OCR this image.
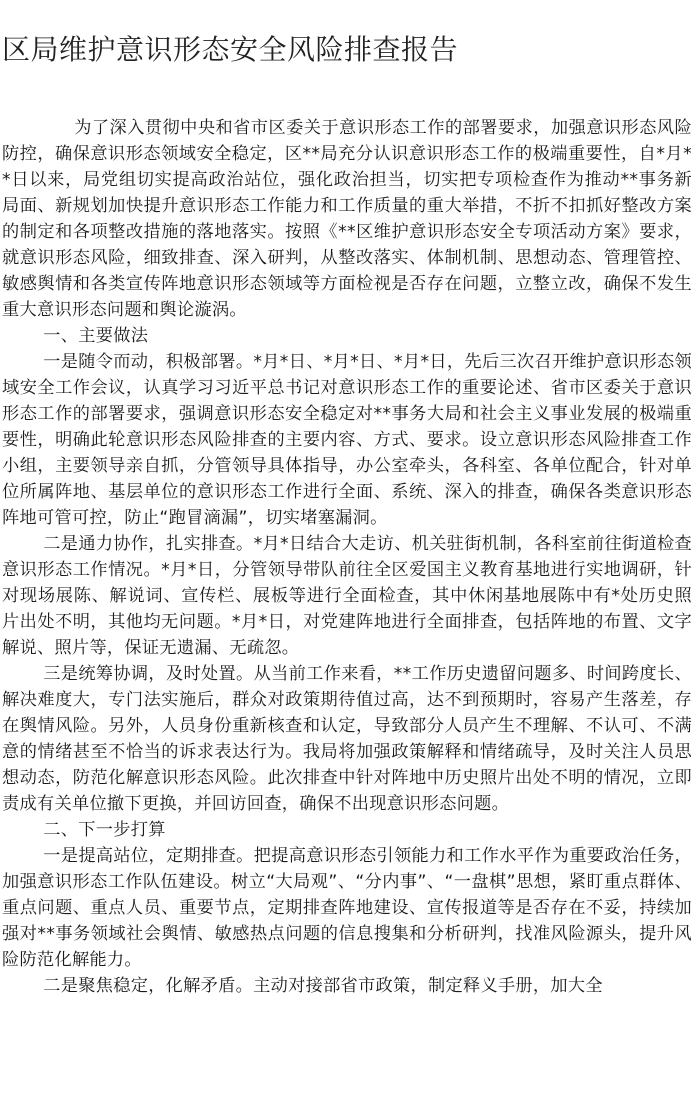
区局维护意识形态安全风险排查报告

为了深入贯彻中央和省市区委关于意识形态工作的部署要求，加强意识形态风险防控，确保意识形态领域安全稳定，区**局充分认识意识形态工作的极端重要性，自*月**日以来，局党组切实提高政治站位，强化政治担当，切实把专项检查作为推动**事务新局面、新规划加快提升意识形态工作能力和工作质量的重大举措，不折不扣抓好整改方案的制定和各项整改措施的落地落实。按照《**区维护意识形态安全专项活动方案》要求，就意识形态风险，细致排查、深入研判，从整改落实、体制机制、思想动态、管理管控、敏感舆情和各类宣传阵地意识形态领域等方面检视是否存在问题，立整立改，确保不发生重大意识形态问题和舆论漩涡。

一、主要做法

一是随令而动，积极部署。*月*日、*月*日、*月*日，先后三次召开维护意识形态领域安全工作会议，认真学习习近平总书记对意识形态工作的重要论述、省市区委关于意识形态工作的部署要求，强调意识形态安全稳定对**事务大局和社会主义事业发展的极端重要性，明确此轮意识形态风险排查的主要内容、方式、要求。设立意识形态风险排查工作小组，主要领导亲自抓，分管领导具体指导，办公室牵头，各科室、各单位配合，针对单位所属阵地、基层单位的意识形态工作进行全面、系统、深入的排查，确保各类意识形态阵地可管可控，防止“跑冒滴漏”，切实堵塞漏洞。

二是通力协作，扎实排查。*月*日结合大走访、机关驻街机制，各科室前往街道检查意识形态工作情况。*月*日，分管领导带队前往全区爱国主义教育基地进行实地调研，针对现场展陈、解说词、宣传栏、展板等进行全面检查，其中休闲基地展陈中有*处历史照片出处不明，其他均无问题。*月*日，对党建阵地进行全面排查，包括阵地的布置、文字解说、照片等，保证无遗漏、无疏忽。

三是统筹协调，及时处置。从当前工作来看，**工作历史遗留问题多、时间跨度长、解决难度大，专门法实施后，群众对政策期待值过高，达不到预期时，容易产生落差，存在舆情风险。另外，人员身份重新核查和认定，导致部分人员产生不理解、不认可、不满意的情绪甚至不恰当的诉求表达行为。我局将加强政策解释和情绪疏导，及时关注人员思想动态，防范化解意识形态风险。此次排查中针对阵地中历史照片出处不明的情况，立即责成有关单位撤下更换，并回访回查，确保不出现意识形态问题。

二、下一步打算

一是提高站位，定期排查。把提高意识形态引领能力和工作水平作为重要政治任务，加强意识形态工作队伍建设。树立“大局观”、“分内事”、“一盘棋”思想，紧盯重点群体、重点问题、重点人员、重要节点，定期排查阵地建设、宣传报道等是否存在不妥，持续加强对**事务领域社会舆情、敏感热点问题的信息搜集和分析研判，找准风险源头，提升风险防范化解能力。

二是聚焦稳定，化解矛盾。主动对接部省市政策，制定释义手册，加大全
